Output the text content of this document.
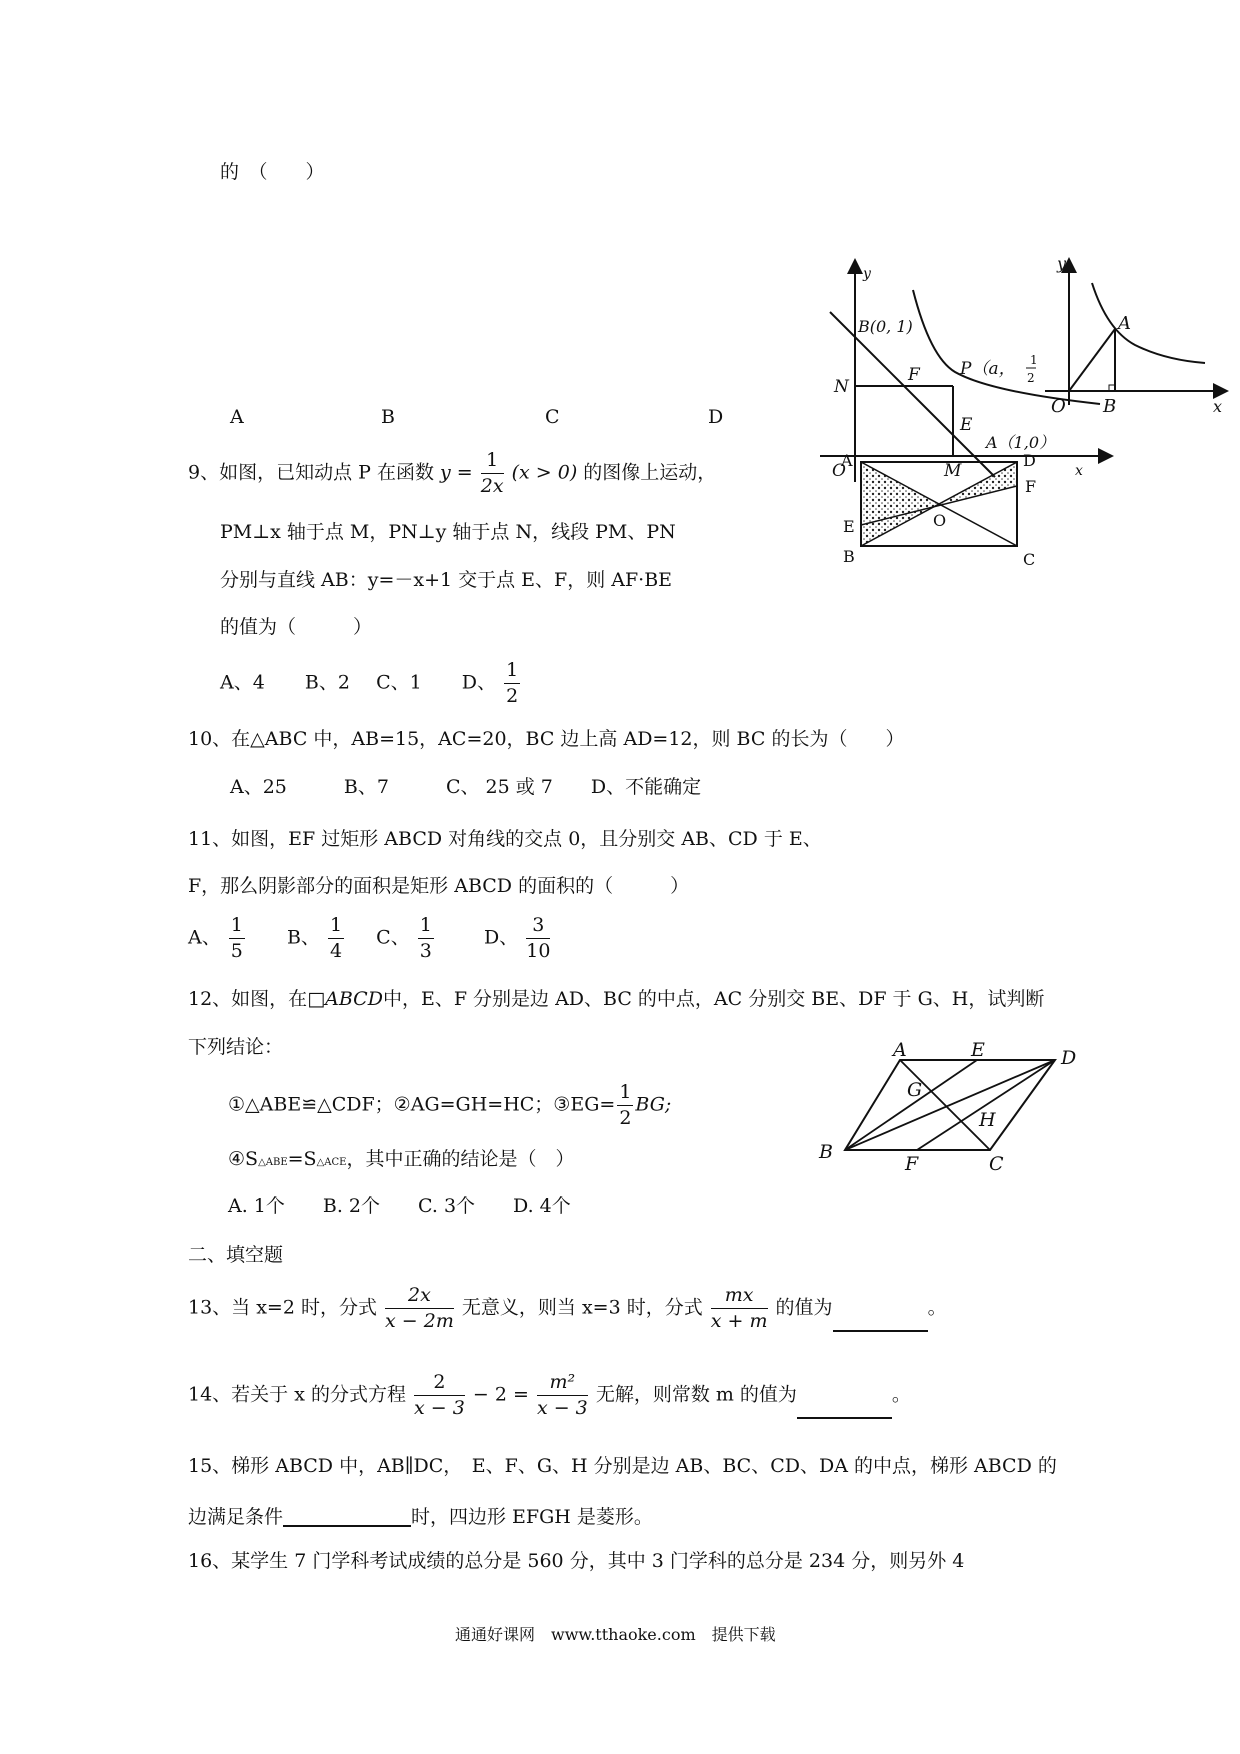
的　（　　）
A	B	C	D
y
B(0, 1)
N
F P（a， 1
2
E
A（1,0）
O	M	x
y
A
O B	x
9、如图，已知动点 P 在函数 $y = \frac{1}{2x} (x > 0)$ 的图像上运动，
PM⊥x 轴于点 M，PN⊥y 轴于点 N，线段 PM、PN
分别与直线 AB：y=－x+1 交于点 E、F，则 AF·BE
的值为（　　　）
A、4 B、2 C、1 D、 $\frac{1}{2}$
10、在△ABC 中，AB=15，AC=20，BC 边上高 AD=12，则 BC 的长为（　　）
A、25　　　B、7　　　C、 25 或 7　　D、不能确定
A	D
F
E	O
B	C
11、如图，EF 过矩形 ABCD 对角线的交点 0，且分别交 AB、CD 于 E、
F，那么阴影部分的面积是矩形 ABCD 的面积的（　　　）
A、 $\frac{1}{5}$ B、 $\frac{1}{4}$ C、 $\frac{1}{3}$	D、 $\frac{3}{10}$
A	E	D
G
H
B
F	C
12、如图，在□ABCD中，E、F 分别是边 AD、BC 的中点，AC 分别交 BE、DF 于 G、H，试判断
下列结论：
①△ABE≌△CDF；②AG=GH=HC；③EG= $\frac{1}{2}$ BG;
④S△ABE=S△ACE，其中正确的结论是（　）
A. 1个　　B. 2个　　C. 3个　　D. 4个
二、填空题
13、当 x=2 时，分式 $\frac{2x}{x - 2m}$ 无意义，则当 x=3 时，分式 $\frac{mx}{x + m}$ 的值为	。
14、若关于 x 的分式方程 $\frac{2}{x - 3} - 2 = \frac{\text{m²}}{x - 3}$ 无解，则常数 m 的值为	。
15、梯形 ABCD 中，AB∥DC，　E、F、G、H 分别是边 AB、BC、CD、DA 的中点，梯形 ABCD 的
边满足条件	时，四边形 EFGH 是菱形。
16、某学生 7 门学科考试成绩的总分是 560 分，其中 3 门学科的总分是 234 分，则另外 4
通通好课网　www.tthaoke.com　提供下载
